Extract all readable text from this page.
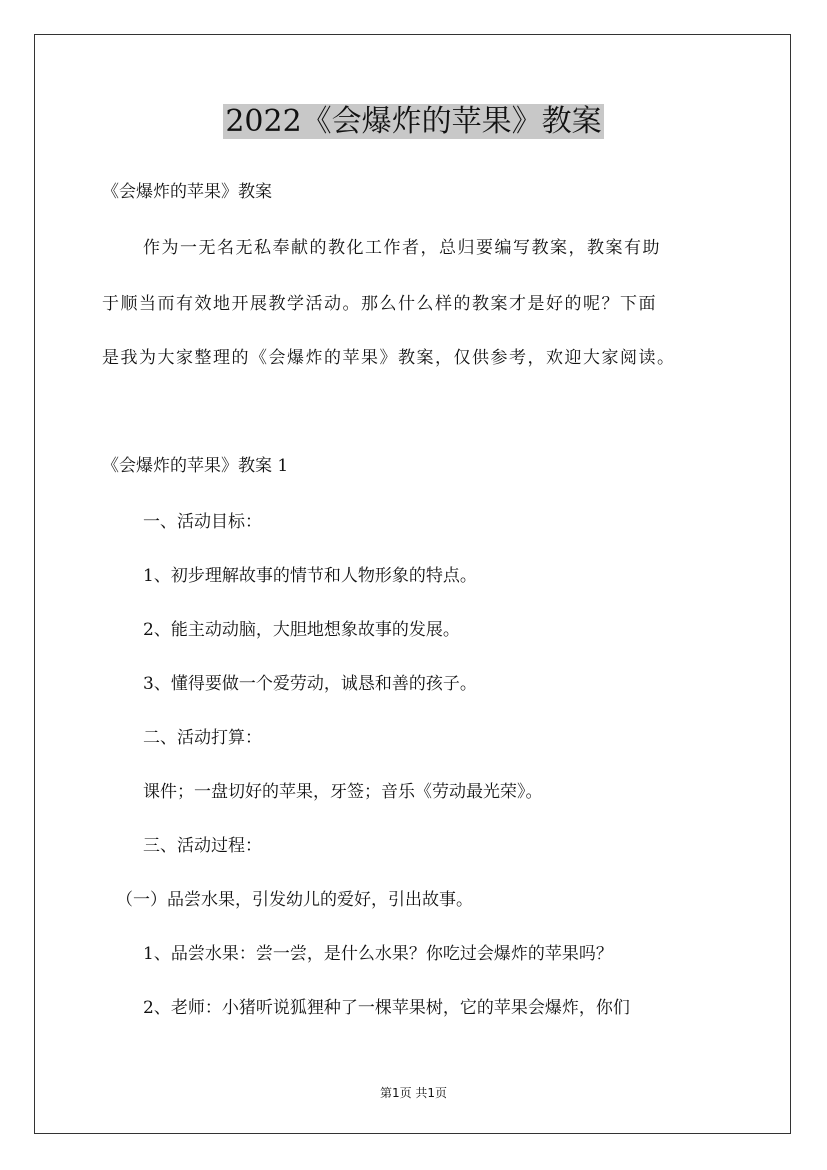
2022《会爆炸的苹果》教案
《会爆炸的苹果》教案
作为一无名无私奉献的教化工作者，总归要编写教案，教案有助
于顺当而有效地开展教学活动。那么什么样的教案才是好的呢？下面
是我为大家整理的《会爆炸的苹果》教案，仅供参考，欢迎大家阅读。
《会爆炸的苹果》教案 1
一、活动目标：
1、初步理解故事的情节和人物形象的特点。
2、能主动动脑，大胆地想象故事的发展。
3、懂得要做一个爱劳动，诚恳和善的孩子。
二、活动打算：
课件；一盘切好的苹果，牙签；音乐《劳动最光荣》。
三、活动过程：
（一）品尝水果，引发幼儿的爱好，引出故事。
1、品尝水果：尝一尝，是什么水果？你吃过会爆炸的苹果吗？
2、老师：小猪听说狐狸种了一棵苹果树，它的苹果会爆炸，你们
第1页 共1页
